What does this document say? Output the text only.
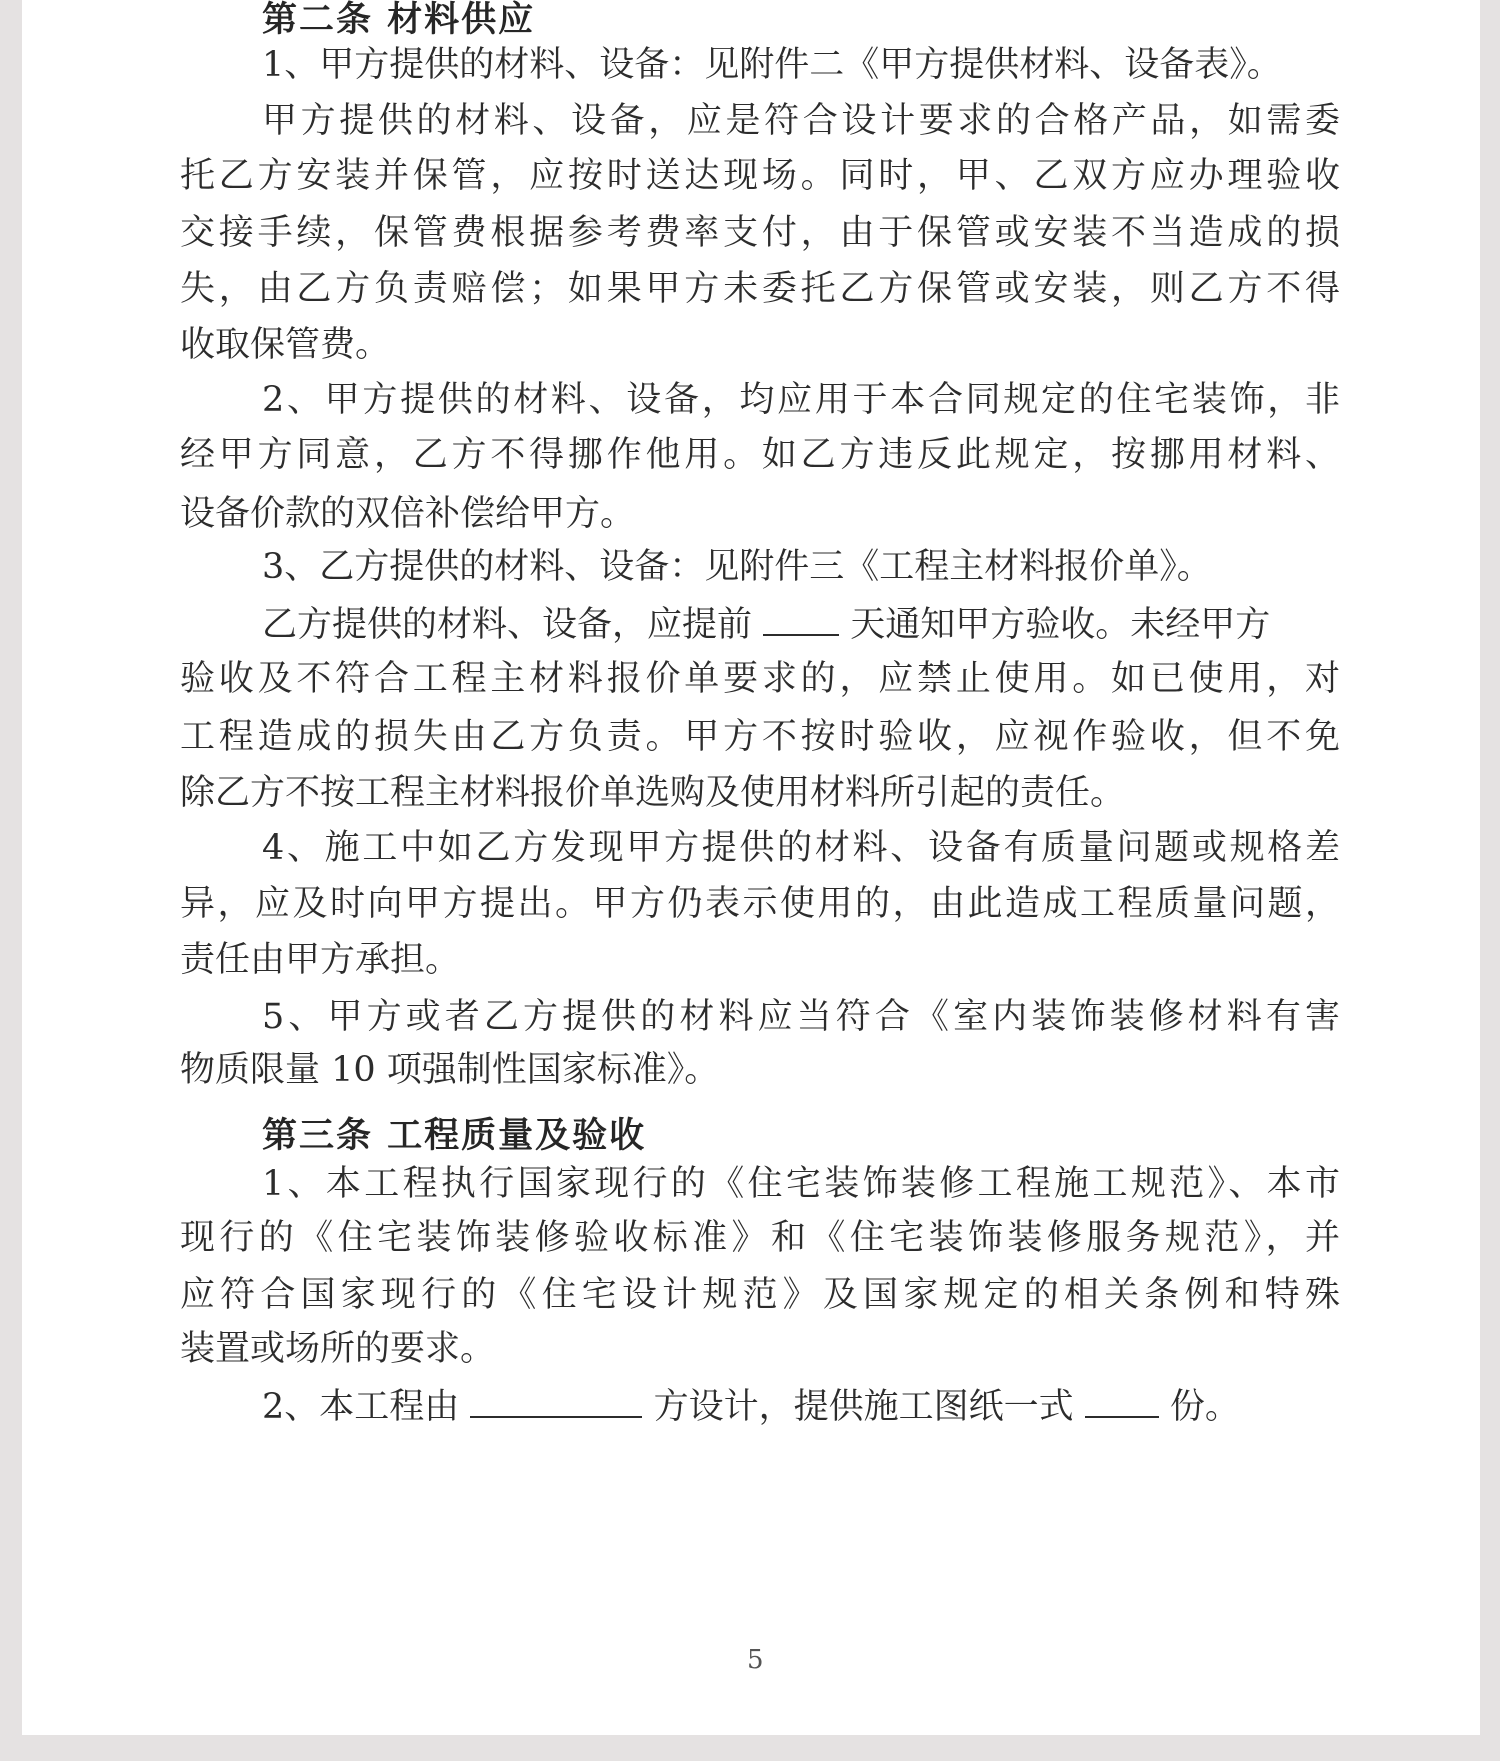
第二条 材料供应
1、甲方提供的材料、设备：见附件二《甲方提供材料、设备表》。
甲方提供的材料、设备，应是符合设计要求的合格产品，如需委
托乙方安装并保管，应按时送达现场。同时，甲、乙双方应办理验收
交接手续，保管费根据参考费率支付，由于保管或安装不当造成的损
失，由乙方负责赔偿；如果甲方未委托乙方保管或安装，则乙方不得
收取保管费。
2、甲方提供的材料、设备，均应用于本合同规定的住宅装饰，非
经甲方同意，乙方不得挪作他用。如乙方违反此规定，按挪用材料、
设备价款的双倍补偿给甲方。
3、乙方提供的材料、设备：见附件三《工程主材料报价单》。
乙方提供的材料、设备，应提前	天通知甲方验收。未经甲方
验收及不符合工程主材料报价单要求的，应禁止使用。如已使用，对
工程造成的损失由乙方负责。甲方不按时验收，应视作验收，但不免
除乙方不按工程主材料报价单选购及使用材料所引起的责任。
4、施工中如乙方发现甲方提供的材料、设备有质量问题或规格差
异，应及时向甲方提出。甲方仍表示使用的，由此造成工程质量问题，
责任由甲方承担。
5、甲方或者乙方提供的材料应当符合《室内装饰装修材料有害
物质限量 10 项强制性国家标准》。
第三条 工程质量及验收
1、本工程执行国家现行的《住宅装饰装修工程施工规范》、本市
现行的《住宅装饰装修验收标准》和《住宅装饰装修服务规范》，并
应符合国家现行的《住宅设计规范》及国家规定的相关条例和特殊
装置或场所的要求。
2、本工程由	方设计，提供施工图纸一式	份。
5
